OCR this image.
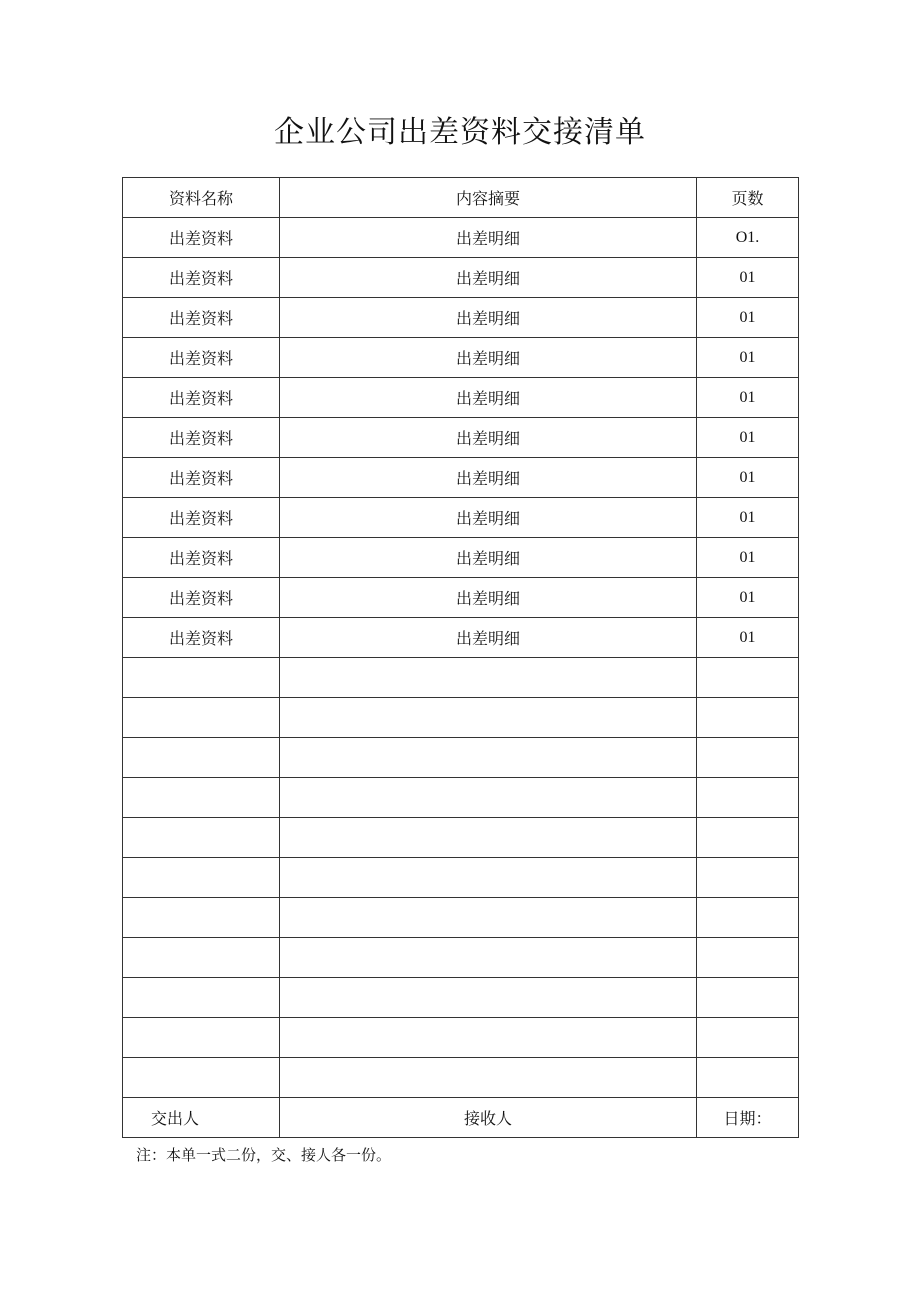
企业公司出差资料交接清单
资料名称	内容摘要	页数
出差资料	出差明细	O1.
出差资料	出差明细	01
出差资料	出差明细	01
出差资料	出差明细	01
出差资料	出差明细	01
出差资料	出差明细	01
出差资料	出差明细	01
出差资料	出差明细	01
出差资料	出差明细	01
出差资料	出差明细	01
出差资料	出差明细	01

交出人	接收人	日期：
注：本单一式二份，交、接人各一份。
